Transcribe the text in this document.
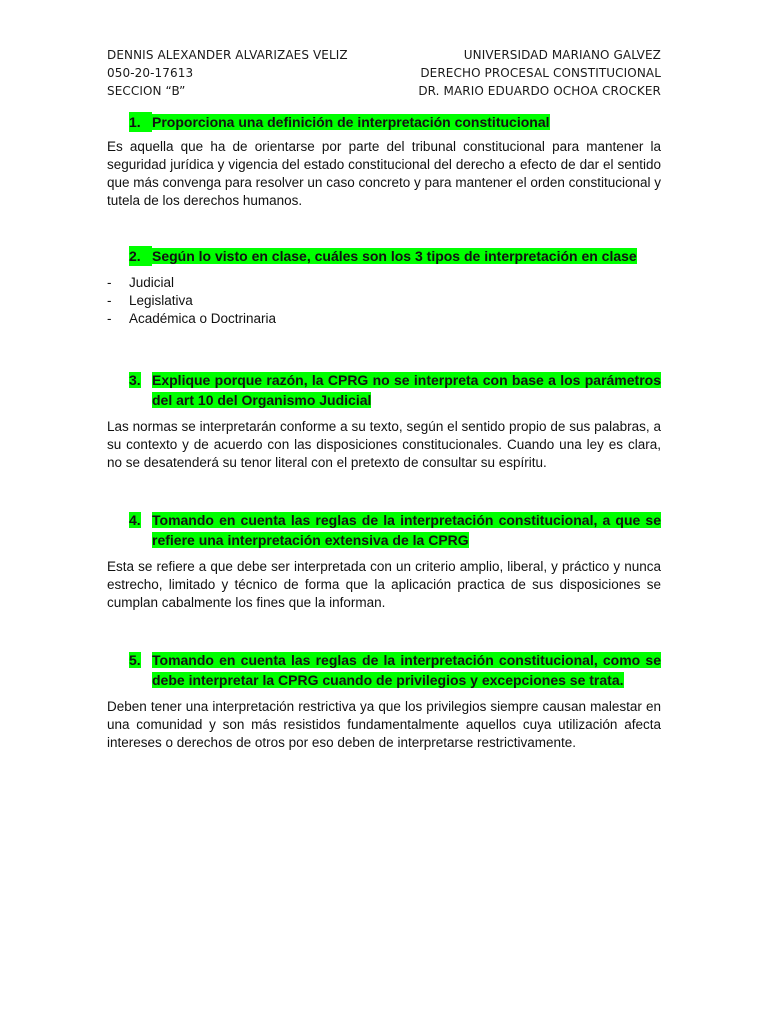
DENNIS ALEXANDER ALVARIZAES VELIZ
050-20-17613
SECCION “B”
UNIVERSIDAD MARIANO GALVEZ
DERECHO PROCESAL CONSTITUCIONAL
DR. MARIO EDUARDO OCHOA CROCKER
1. Proporciona una definición de interpretación constitucional

Es aquella que ha de orientarse por parte del tribunal constitucional para mantener la seguridad jurídica y vigencia del estado constitucional del derecho a efecto de dar el sentido que más convenga para resolver un caso concreto y para mantener el orden constitucional y tutela de los derechos humanos.

2. Según lo visto en clase, cuáles son los 3 tipos de interpretación en clase
-	Judicial
-	Legislativa
-	Académica o Doctrinaria
3. Explique porque razón, la CPRG no se interpreta con base a los parámetros del art 10 del Organismo Judicial

Las normas se interpretarán conforme a su texto, según el sentido propio de sus palabras, a su contexto y de acuerdo con las disposiciones constitucionales. Cuando una ley es clara, no se desatenderá su tenor literal con el pretexto de consultar su espíritu.

4. Tomando en cuenta las reglas de la interpretación constitucional, a que se refiere una interpretación extensiva de la CPRG

Esta se refiere a que debe ser interpretada con un criterio amplio, liberal, y práctico y nunca estrecho, limitado y técnico de forma que la aplicación practica de sus disposiciones se cumplan cabalmente los fines que la informan.

5. Tomando en cuenta las reglas de la interpretación constitucional, como se debe interpretar la CPRG cuando de privilegios y excepciones se trata.

Deben tener una interpretación restrictiva ya que los privilegios siempre causan malestar en una comunidad y son más resistidos fundamentalmente aquellos cuya utilización afecta intereses o derechos de otros por eso deben de interpretarse restrictivamente.
